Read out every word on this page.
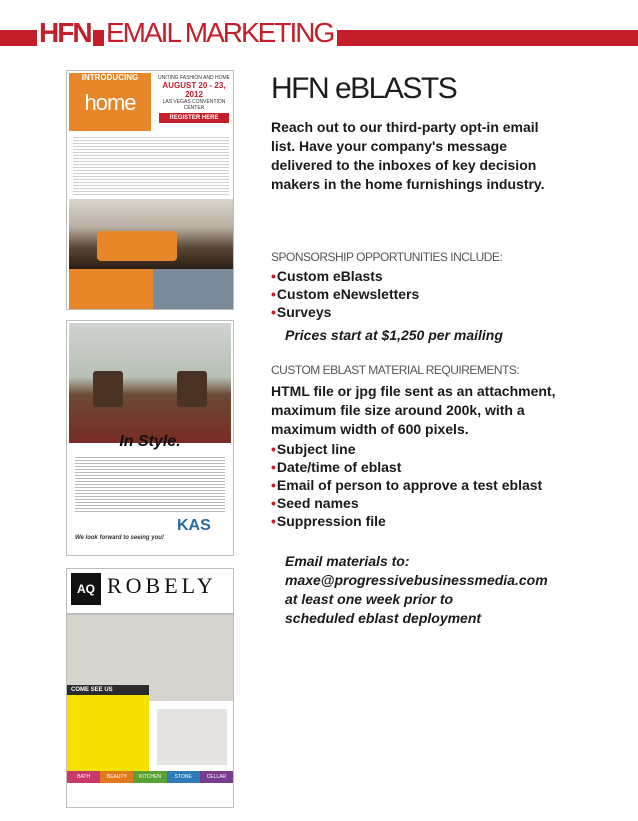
HFN EMAIL MARKETING
INTRODUCING
home
UNITING FASHION AND HOME
AUGUST 20 - 23, 2012
LAS VEGAS CONVENTION CENTER
REGISTER HERE
In Style.
KAS
We look forward to seeing you!
AQ ROBELY
COME SEE US
BATH	BEAUTY	KITCHEN	STONE	CELLAR
HFN eBLASTS
Reach out to our third-party opt-in email list. Have your company's message delivered to the inboxes of key decision makers in the home furnishings industry.
SPONSORSHIP OPPORTUNITIES INCLUDE:
• Custom eBlasts
• Custom eNewsletters
• Surveys
Prices start at $1,250 per mailing
CUSTOM EBLAST MATERIAL REQUIREMENTS:
HTML file or jpg file sent as an attachment, maximum file size around 200k, with a maximum width of 600 pixels.
• Subject line
• Date/time of eblast
• Email of person to approve a test eblast
• Seed names
• Suppression file
Email materials to:
maxe@progressivebusinessmedia.com
at least one week prior to
scheduled eblast deployment
